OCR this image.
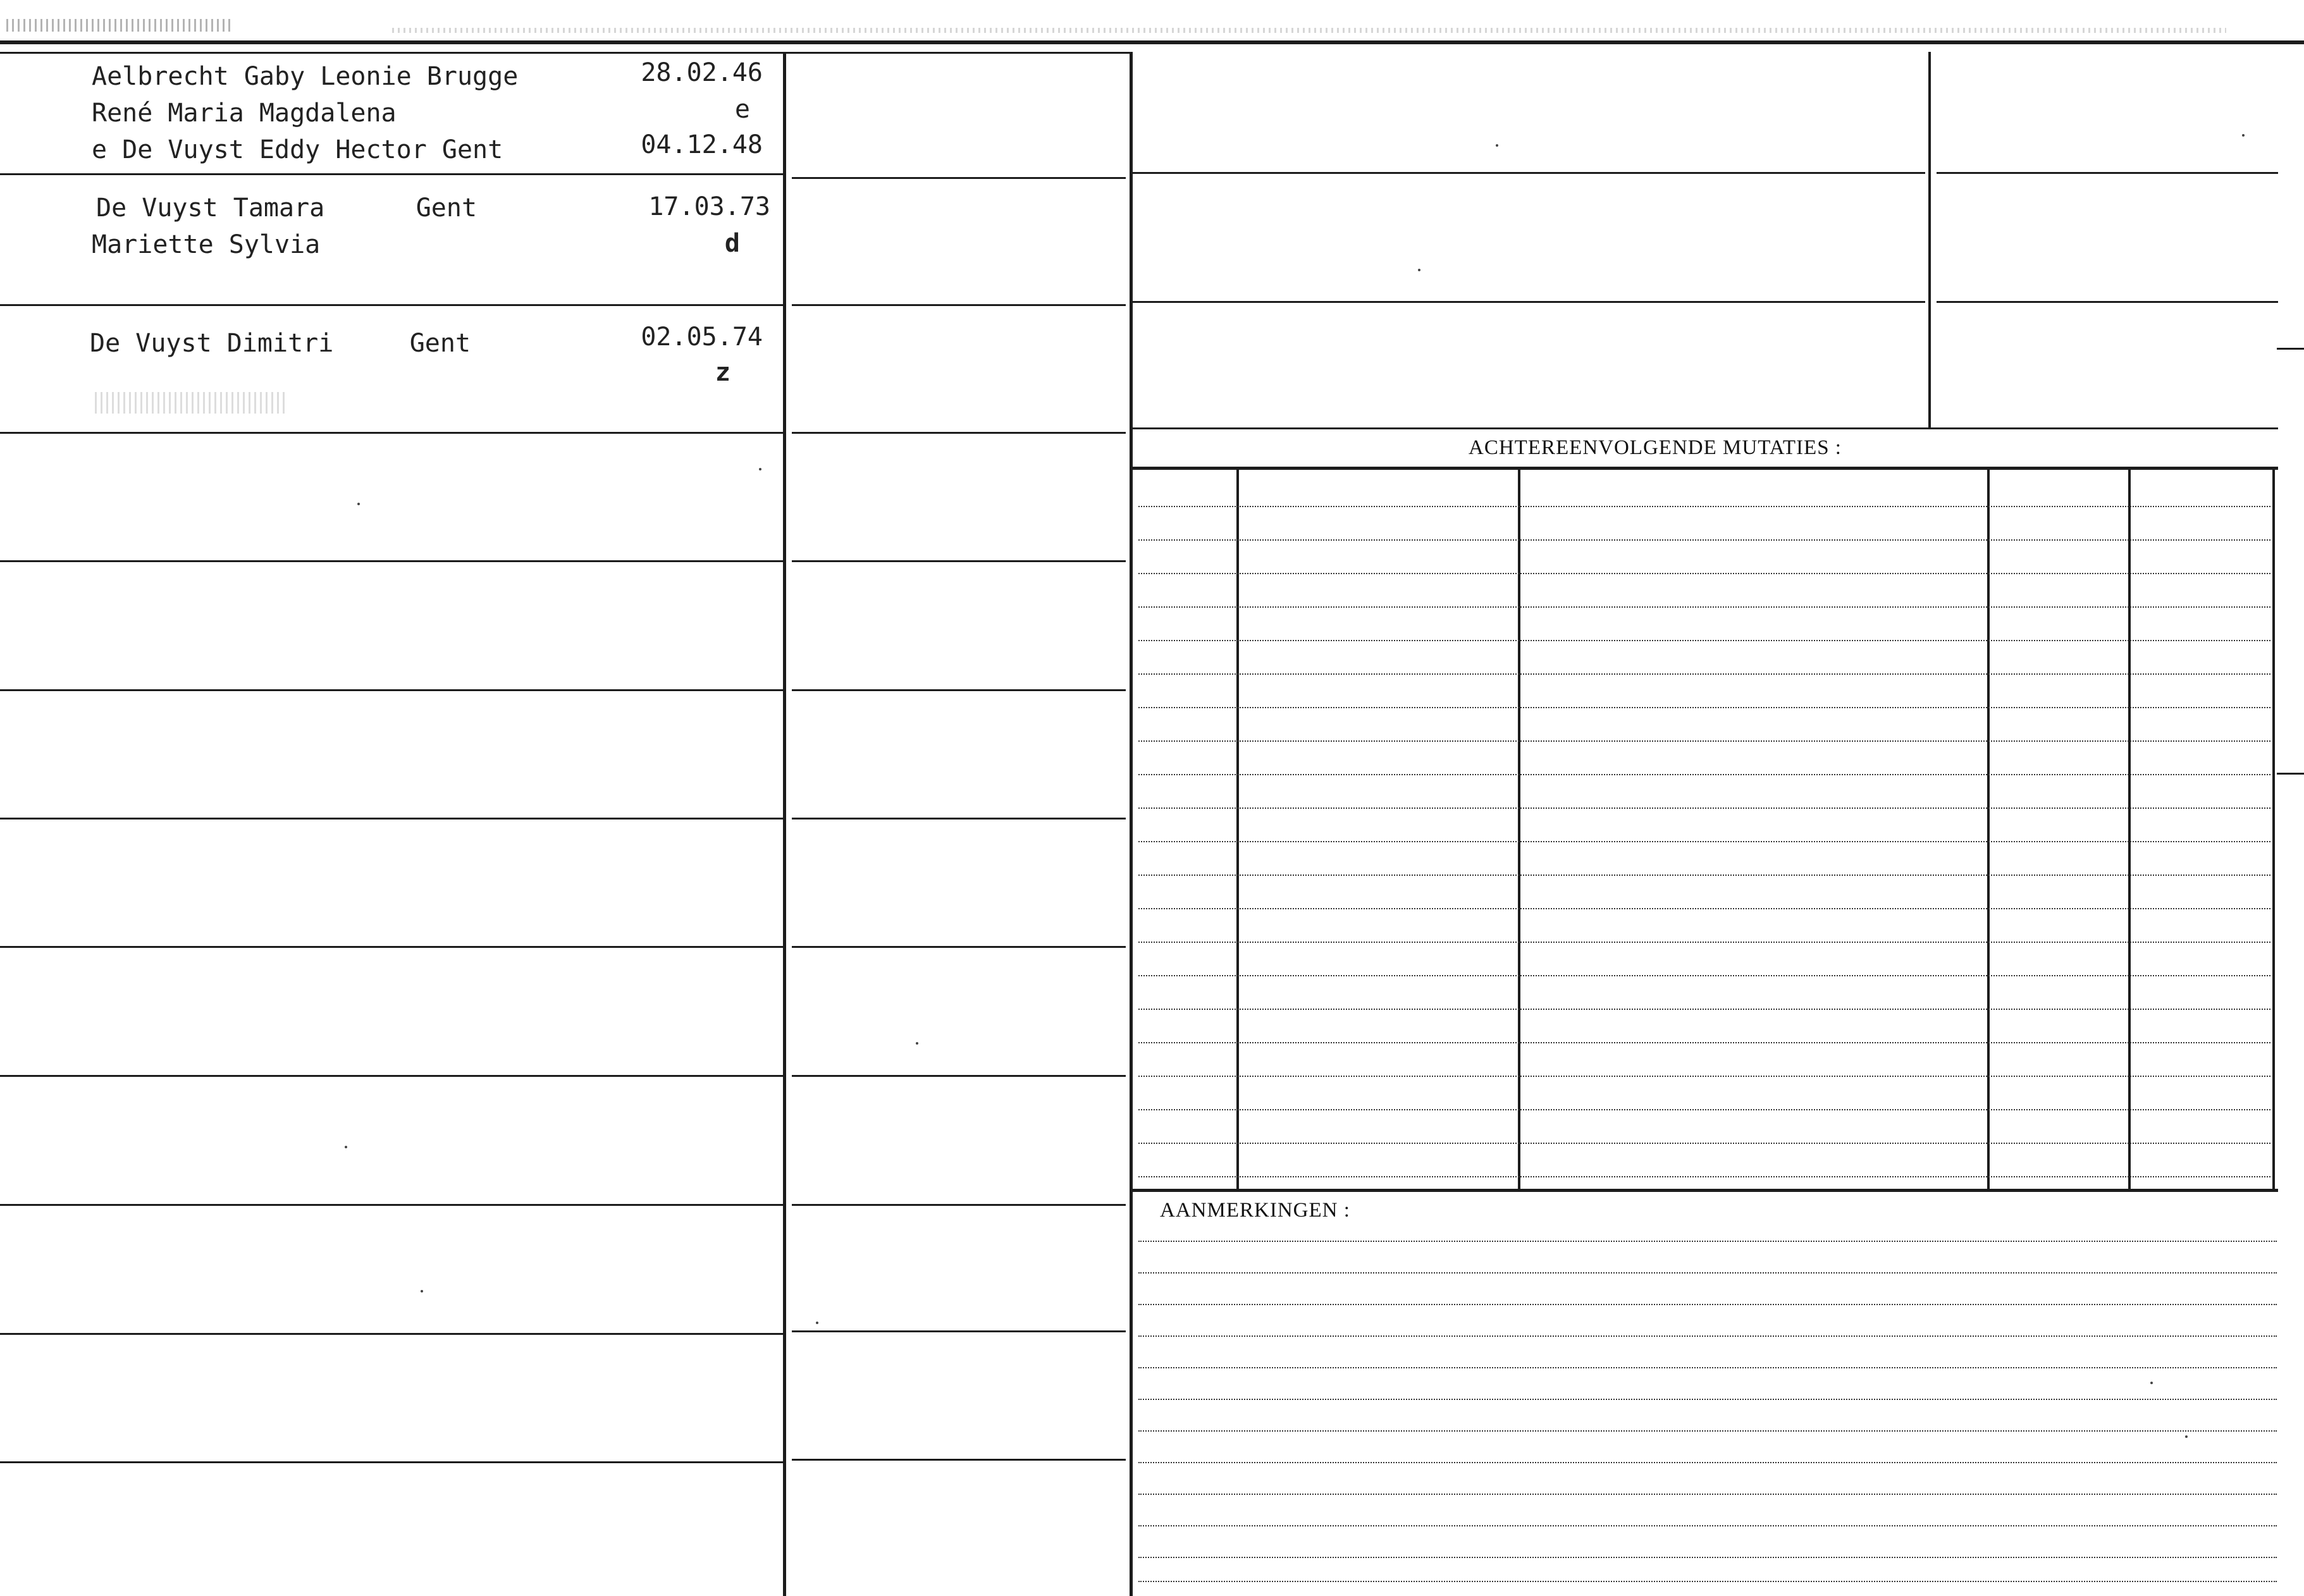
Aelbrecht Gaby Leonie Brugge
René Maria Magdalena
e De Vuyst Eddy Hector Gent
28.02.46
e
04.12.48
De Vuyst Tamara      Gent
Mariette Sylvia
17.03.73
d
De Vuyst Dimitri     Gent	02.05.74
z
ACHTEREENVOLGENDE MUTATIES :
AANMERKINGEN :
